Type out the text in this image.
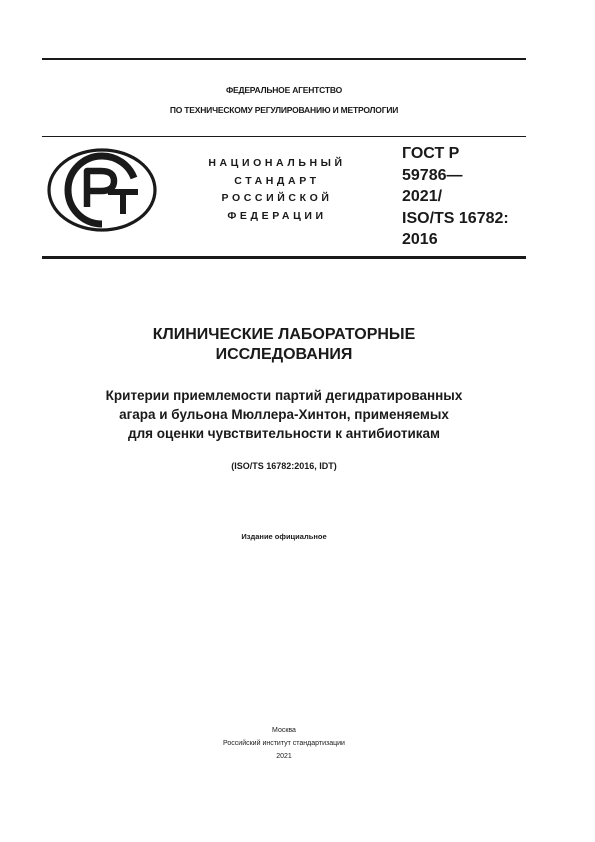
ФЕДЕРАЛЬНОЕ АГЕНТСТВО
ПО ТЕХНИЧЕСКОМУ РЕГУЛИРОВАНИЮ И МЕТРОЛОГИИ
НАЦИОНАЛЬНЫЙ
СТАНДАРТ
РОССИЙСКОЙ
ФЕДЕРАЦИИ
ГОСТ Р
59786—
2021/
ISO/TS 16782:
2016
КЛИНИЧЕСКИЕ ЛАБОРАТОРНЫЕ
ИССЛЕДОВАНИЯ
Критерии приемлемости партий дегидратированных
агара и бульона Мюллера-Хинтон, применяемых
для оценки чувствительности к антибиотикам
(ISO/TS 16782:2016, IDT)
Издание официальное
Москва
Российский институт стандартизации
2021
